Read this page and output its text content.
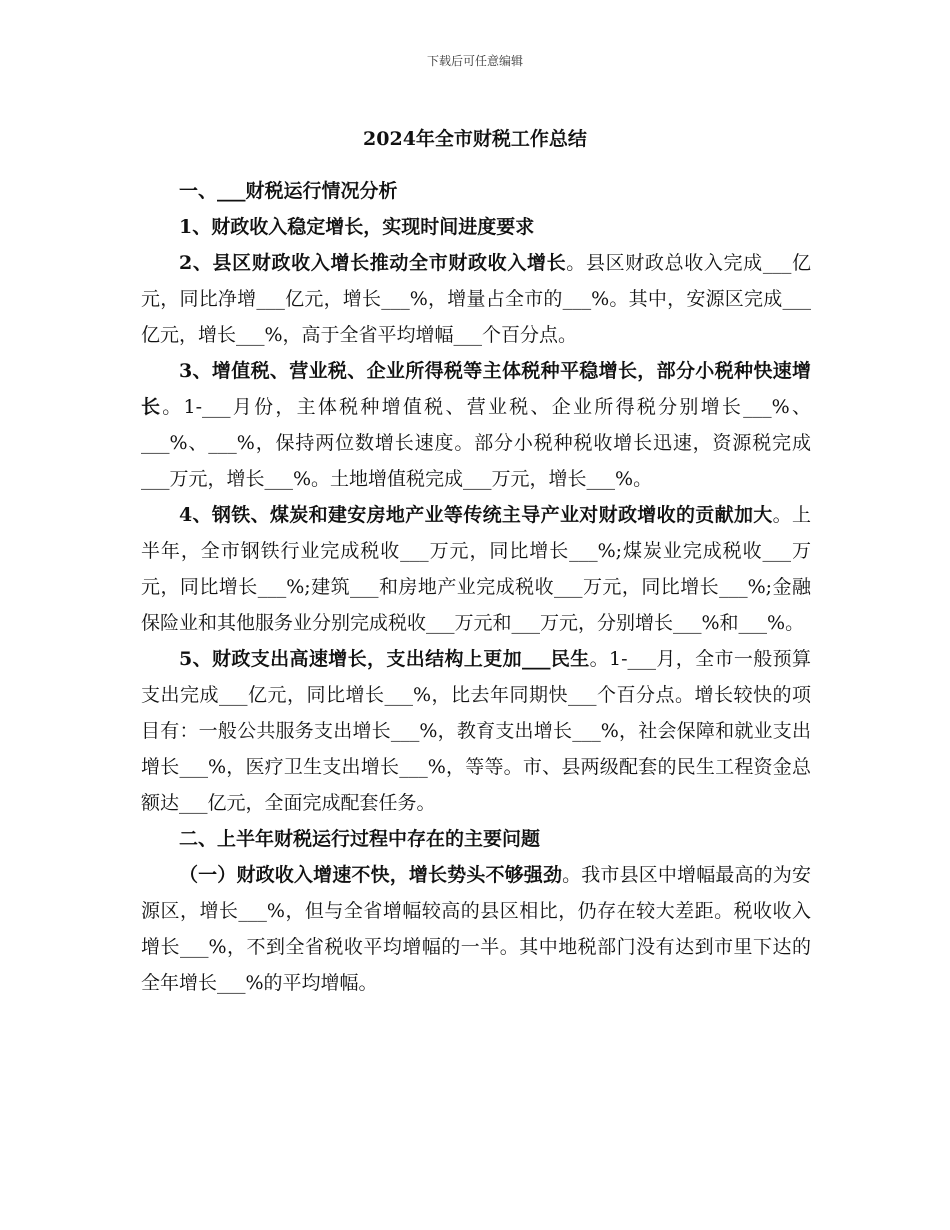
下载后可任意编辑
2024年全市财税工作总结

一、___财税运行情况分析

1、财政收入稳定增长，实现时间进度要求

2、县区财政收入增长推动全市财政收入增长。县区财政总收入完成___亿元，同比净增___亿元，增长___%，增量占全市的___%。其中，安源区完成___亿元，增长___%，高于全省平均增幅___个百分点。

3、增值税、营业税、企业所得税等主体税种平稳增长，部分小税种快速增长。1-___月份，主体税种增值税、营业税、企业所得税分别增长___%、___%、___%，保持两位数增长速度。部分小税种税收增长迅速，资源税完成___万元，增长___%。土地增值税完成___万元，增长___%。

4、钢铁、煤炭和建安房地产业等传统主导产业对财政增收的贡献加大。上半年，全市钢铁行业完成税收___万元，同比增长___%;煤炭业完成税收___万元，同比增长___%;建筑___和房地产业完成税收___万元，同比增长___%;金融保险业和其他服务业分别完成税收___万元和___万元，分别增长___%和___%。

5、财政支出高速增长，支出结构上更加___民生。1-___月，全市一般预算支出完成___亿元，同比增长___%，比去年同期快___个百分点。增长较快的项目有：一般公共服务支出增长___%，教育支出增长___%，社会保障和就业支出增长___%，医疗卫生支出增长___%，等等。市、县两级配套的民生工程资金总额达___亿元，全面完成配套任务。

二、上半年财税运行过程中存在的主要问题

（一）财政收入增速不快，增长势头不够强劲。我市县区中增幅最高的为安源区，增长___%，但与全省增幅较高的县区相比，仍存在较大差距。税收收入增长___%，不到全省税收平均增幅的一半。其中地税部门没有达到市里下达的全年增长___%的平均增幅。
